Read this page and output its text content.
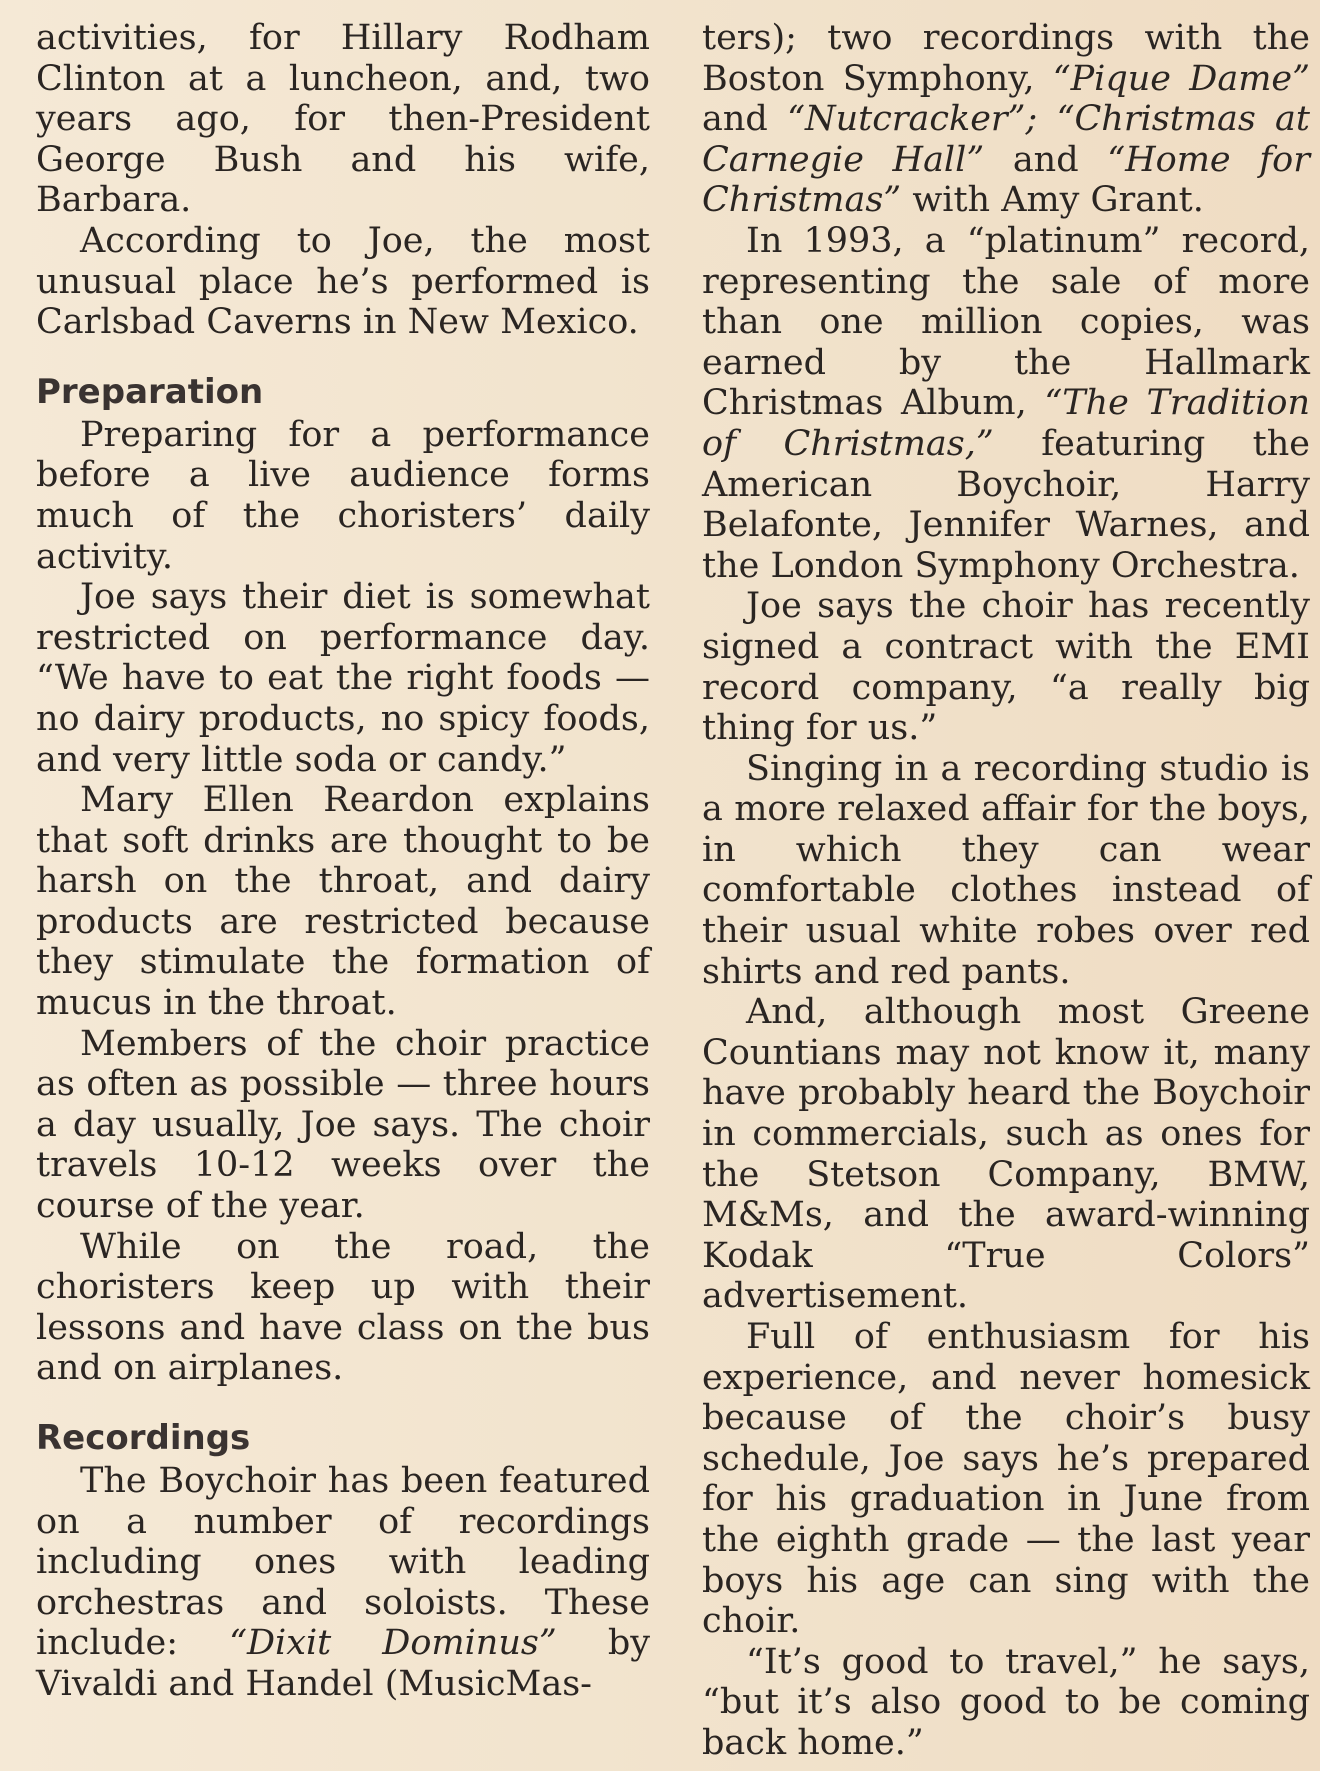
activities, for Hillary Rodham Clinton at a luncheon, and, two years ago, for then-President George Bush and his wife, Barbara.

According to Joe, the most unusual place he’s performed is Carlsbad Caverns in New Mexico.

Preparation

Preparing for a performance before a live audience forms much of the choristers’ daily activity.

Joe says their diet is somewhat restricted on performance day. “We have to eat the right foods — no dairy products, no spicy foods, and very little soda or candy.”

Mary Ellen Reardon explains that soft drinks are thought to be harsh on the throat, and dairy products are restricted because they stimulate the formation of mucus in the throat.

Members of the choir practice as often as possible — three hours a day usually, Joe says. The choir travels 10-12 weeks over the course of the year.

While on the road, the choristers keep up with their lessons and have class on the bus and on airplanes.

Recordings

The Boychoir has been featured on a number of recordings including ones with leading orchestras and soloists. These include: “Dixit Dominus” by Vivaldi and Handel (MusicMas-

ters); two recordings with the Boston Symphony, “Pique Dame” and “Nutcracker”; “Christmas at Carnegie Hall” and “Home for Christmas” with Amy Grant.

In 1993, a “platinum” record, representing the sale of more than one million copies, was earned by the Hallmark Christmas Album, “The Tradition of Christmas,” featuring the American Boychoir, Harry Belafonte, Jennifer Warnes, and the London Symphony Orchestra.

Joe says the choir has recently signed a contract with the EMI record company, “a really big thing for us.”

Singing in a recording studio is a more relaxed affair for the boys, in which they can wear comfortable clothes instead of their usual white robes over red shirts and red pants.

And, although most Greene Countians may not know it, many have probably heard the Boychoir in commercials, such as ones for the Stetson Company, BMW, M&Ms, and the award-winning Kodak “True Colors” advertisement.

Full of enthusiasm for his experience, and never homesick because of the choir’s busy schedule, Joe says he’s prepared for his graduation in June from the eighth grade — the last year boys his age can sing with the choir.

“It’s good to travel,” he says, “but it’s also good to be coming back home.”
